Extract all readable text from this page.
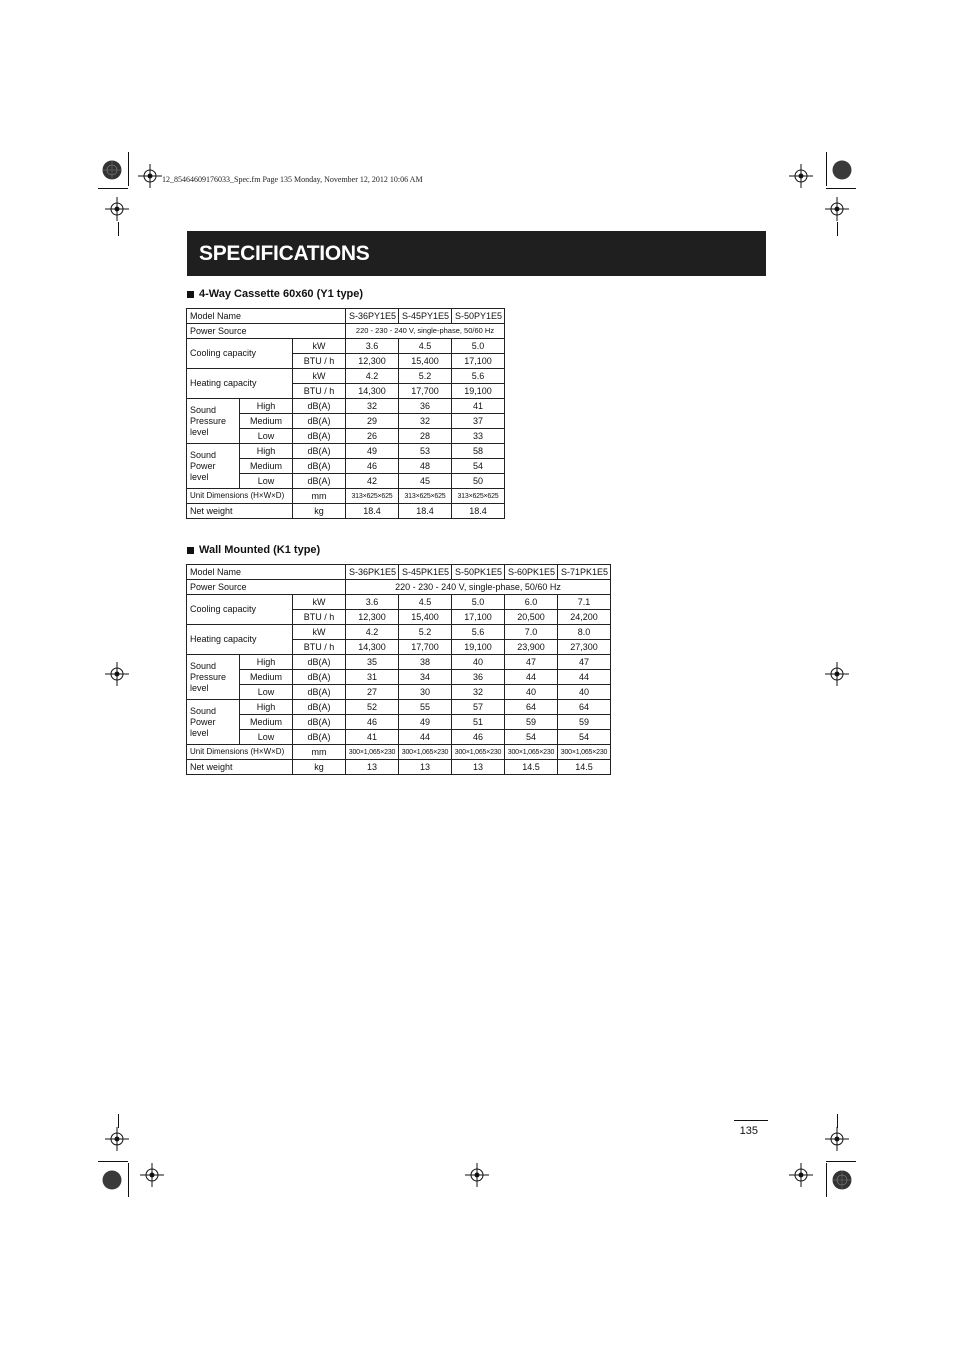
12_85464609176033_Spec.fm Page 135 Monday, November 12, 2012 10:06 AM
SPECIFICATIONS
4-Way Cassette 60x60 (Y1 type)
Model Name			S-36PY1E5	S-45PY1E5	S-50PY1E5
Power Source			220 - 230 - 240 V, single-phase, 50/60 Hz		
Cooling capacity		kW	3.6	4.5	5.0
		BTU / h	12,300	15,400	17,100
Heating capacity		kW	4.2	5.2	5.6
		BTU / h	14,300	17,700	19,100
Sound Pressure level	High	dB(A)	32	36	41
	Medium	dB(A)	29	32	37
	Low	dB(A)	26	28	33
Sound Power level	High	dB(A)	49	53	58
	Medium	dB(A)	46	48	54
	Low	dB(A)	42	45	50
Unit Dimensions (H×W×D)		mm	313×625×625	313×625×625	313×625×625
Net weight		kg	18.4	18.4	18.4
Wall Mounted (K1 type)
Model Name			S-36PK1E5	S-45PK1E5	S-50PK1E5	S-60PK1E5	S-71PK1E5
Power Source			220 - 230 - 240 V, single-phase, 50/60 Hz				
Cooling capacity		kW	3.6	4.5	5.0	6.0	7.1
		BTU / h	12,300	15,400	17,100	20,500	24,200
Heating capacity		kW	4.2	5.2	5.6	7.0	8.0
		BTU / h	14,300	17,700	19,100	23,900	27,300
Sound Pressure level	High	dB(A)	35	38	40	47	47
	Medium	dB(A)	31	34	36	44	44
	Low	dB(A)	27	30	32	40	40
Sound Power level	High	dB(A)	52	55	57	64	64
	Medium	dB(A)	46	49	51	59	59
	Low	dB(A)	41	44	46	54	54
Unit Dimensions (H×W×D)		mm	300×1,065×230	300×1,065×230	300×1,065×230	300×1,065×230	300×1,065×230
Net weight		kg	13	13	13	14.5	14.5
135
